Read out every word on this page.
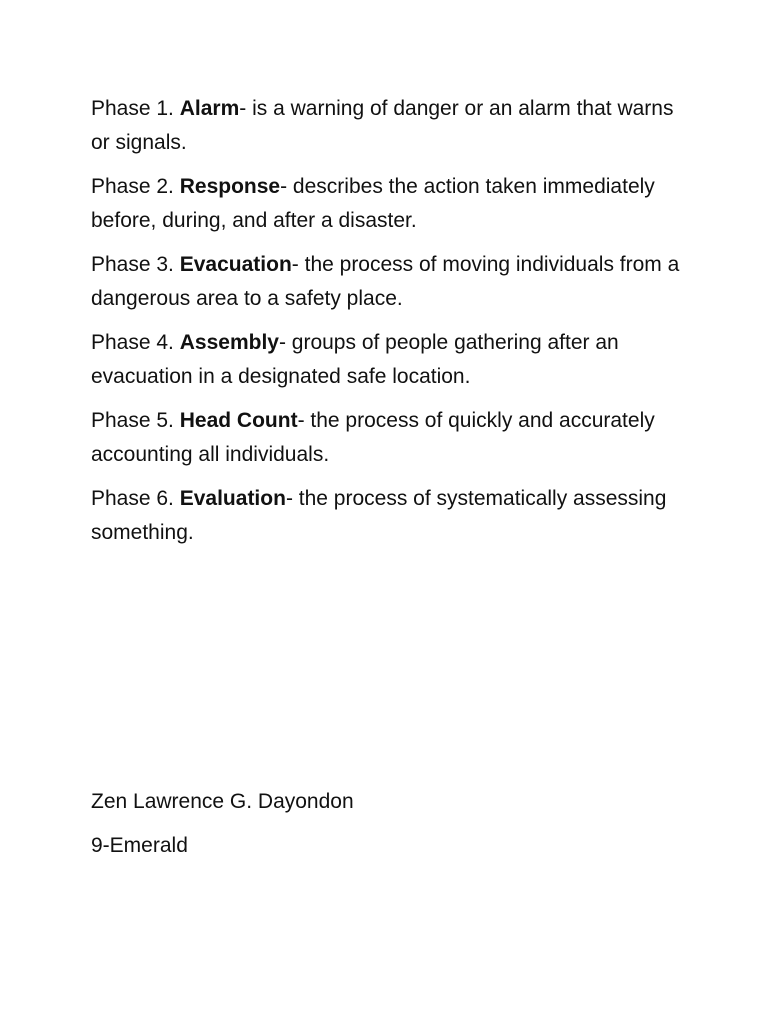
Phase 1. Alarm- is a warning of danger or an alarm that warns or signals.

Phase 2. Response- describes the action taken immediately before, during, and after a disaster.

Phase 3. Evacuation- the process of moving individuals from a dangerous area to a safety place.

Phase 4. Assembly- groups of people gathering after an evacuation in a designated safe location.

Phase 5. Head Count- the process of quickly and accurately accounting all individuals.

Phase 6. Evaluation- the process of systematically assessing something.

Zen Lawrence G. Dayondon

9-Emerald
